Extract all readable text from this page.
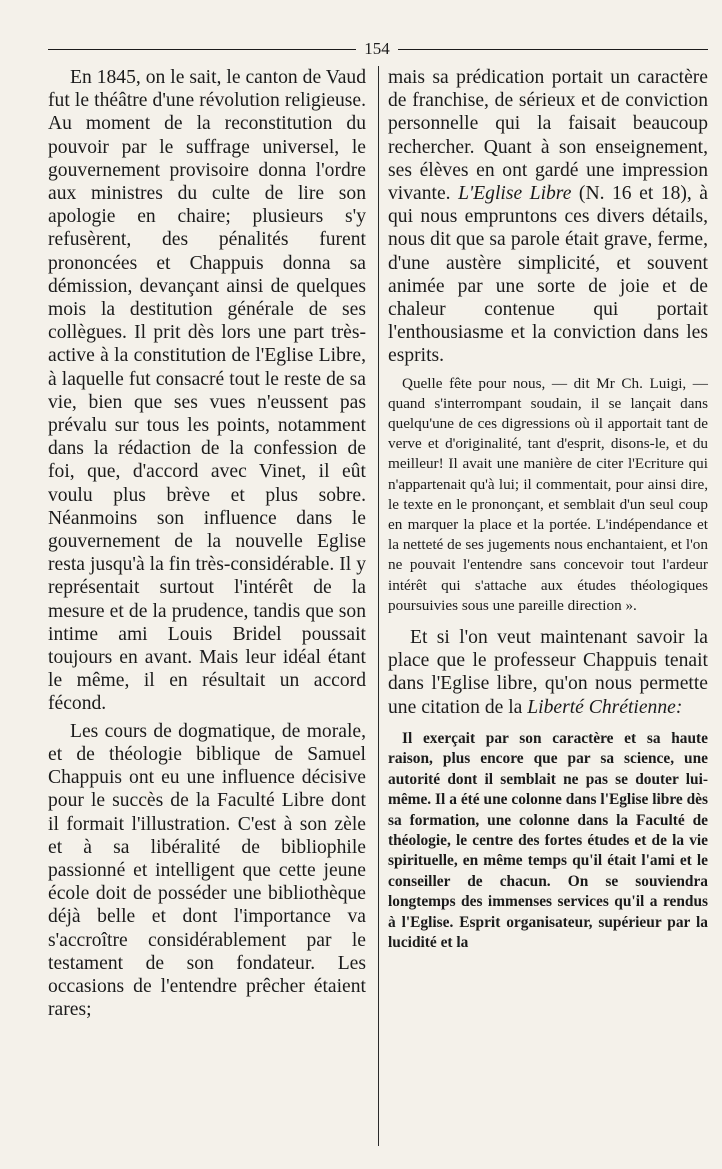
154

En 1845, on le sait, le canton de Vaud fut le théâtre d'une révolution religieuse. Au moment de la reconstitution du pouvoir par le suffrage universel, le gouvernement provisoire donna l'ordre aux ministres du culte de lire son apologie en chaire; plusieurs s'y refusèrent, des pénalités furent prononcées et Chappuis donna sa démission, devançant ainsi de quelques mois la destitution générale de ses collègues. Il prit dès lors une part très-active à la constitution de l'Eglise Libre, à laquelle fut consacré tout le reste de sa vie, bien que ses vues n'eussent pas prévalu sur tous les points, notamment dans la rédaction de la confession de foi, que, d'accord avec Vinet, il eût voulu plus brève et plus sobre. Néanmoins son influence dans le gouvernement de la nouvelle Eglise resta jusqu'à la fin très-considérable. Il y représentait surtout l'intérêt de la mesure et de la prudence, tandis que son intime ami Louis Bridel poussait toujours en avant. Mais leur idéal étant le même, il en résultait un accord fécond.

Les cours de dogmatique, de morale, et de théologie biblique de Samuel Chappuis ont eu une influence décisive pour le succès de la Faculté Libre dont il formait l'illustration. C'est à son zèle et à sa libéralité de bibliophile passionné et intelligent que cette jeune école doit de posséder une bibliothèque déjà belle et dont l'importance va s'accroître considérablement par le testament de son fondateur. Les occasions de l'entendre prêcher étaient rares;

mais sa prédication portait un caractère de franchise, de sérieux et de conviction personnelle qui la faisait beaucoup rechercher. Quant à son enseignement, ses élèves en ont gardé une impression vivante. L'Eglise Libre (N. 16 et 18), à qui nous empruntons ces divers détails, nous dit que sa parole était grave, ferme, d'une austère simplicité, et souvent animée par une sorte de joie et de chaleur contenue qui portait l'enthousiasme et la conviction dans les esprits.

Quelle fête pour nous, — dit Mr Ch. Luigi, — quand s'interrompant soudain, il se lançait dans quelqu'une de ces digressions où il apportait tant de verve et d'originalité, tant d'esprit, disons-le, et du meilleur! Il avait une manière de citer l'Ecriture qui n'appartenait qu'à lui; il commentait, pour ainsi dire, le texte en le prononçant, et semblait d'un seul coup en marquer la place et la portée. L'indépendance et la netteté de ses jugements nous enchantaient, et l'on ne pouvait l'entendre sans concevoir tout l'ardeur intérêt qui s'attache aux études théologiques poursuivies sous une pareille direction ».

Et si l'on veut maintenant savoir la place que le professeur Chappuis tenait dans l'Eglise libre, qu'on nous permette une citation de la Liberté Chrétienne:

Il exerçait par son caractère et sa haute raison, plus encore que par sa science, une autorité dont il semblait ne pas se douter lui-même. Il a été une colonne dans l'Eglise libre dès sa formation, une colonne dans la Faculté de théologie, le centre des fortes études et de la vie spirituelle, en même temps qu'il était l'ami et le conseiller de chacun. On se souviendra longtemps des immenses services qu'il a rendus à l'Eglise. Esprit organisateur, supérieur par la lucidité et la
